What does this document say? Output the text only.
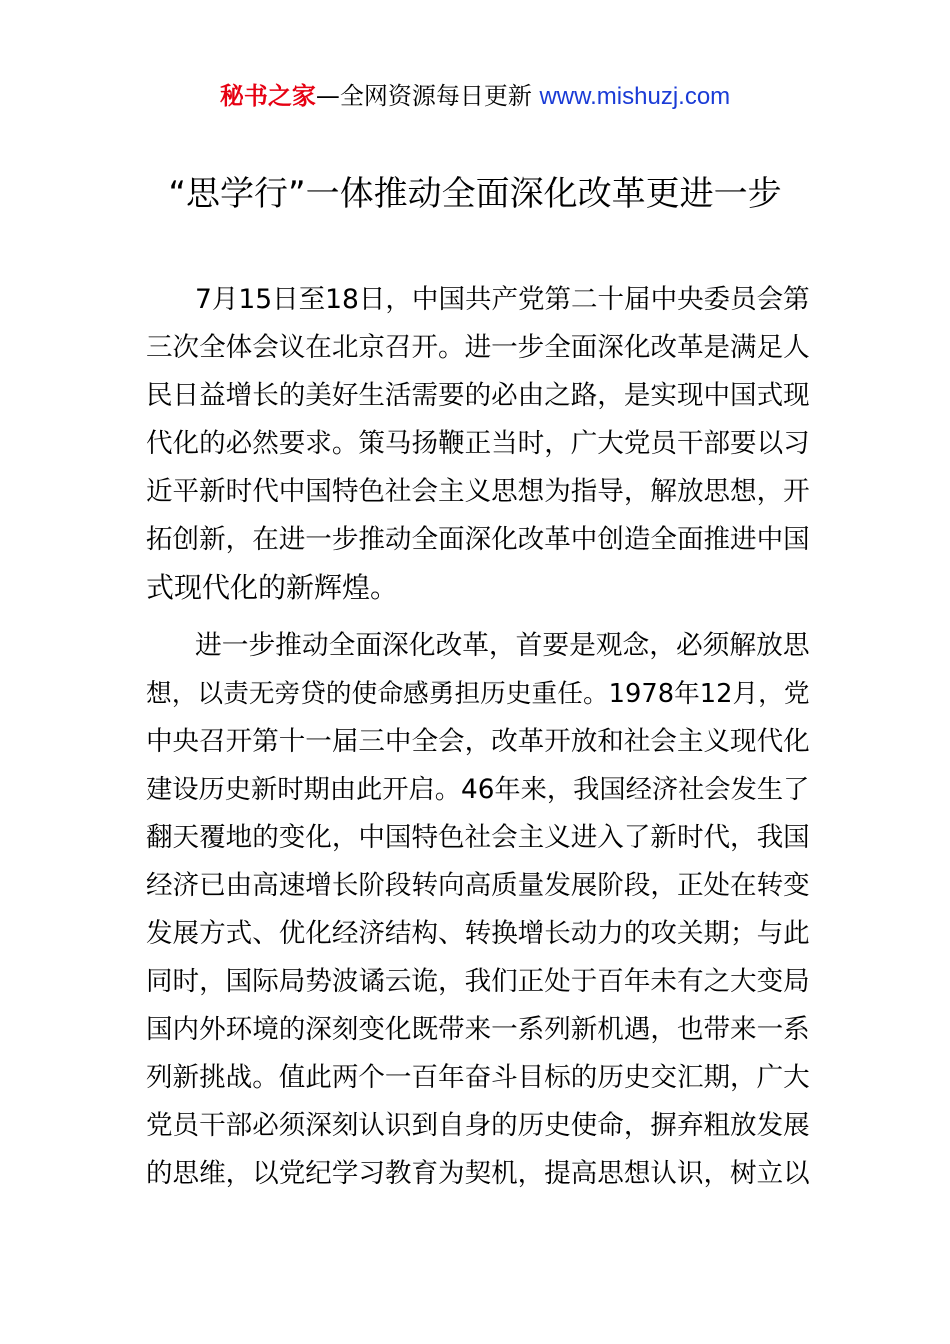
秘书之家—全网资源每日更新 www.mishuzj.com
“思学行”一体推动全面深化改革更进一步
7月15日至18日，中国共产党第二十届中央委员会第
三次全体会议在北京召开。进一步全面深化改革是满足人
民日益增长的美好生活需要的必由之路，是实现中国式现
代化的必然要求。策马扬鞭正当时，广大党员干部要以习
近平新时代中国特色社会主义思想为指导，解放思想，开
拓创新，在进一步推动全面深化改革中创造全面推进中国
式现代化的新辉煌。
进一步推动全面深化改革，首要是观念，必须解放思
想，以责无旁贷的使命感勇担历史重任。1978年12月，党
中央召开第十一届三中全会，改革开放和社会主义现代化
建设历史新时期由此开启。46年来，我国经济社会发生了
翻天覆地的变化，中国特色社会主义进入了新时代，我国
经济已由高速增长阶段转向高质量发展阶段，正处在转变
发展方式、优化经济结构、转换增长动力的攻关期；与此
同时，国际局势波谲云诡，我们正处于百年未有之大变局
国内外环境的深刻变化既带来一系列新机遇，也带来一系
列新挑战。值此两个一百年奋斗目标的历史交汇期，广大
党员干部必须深刻认识到自身的历史使命，摒弃粗放发展
的思维，以党纪学习教育为契机，提高思想认识，树立以
